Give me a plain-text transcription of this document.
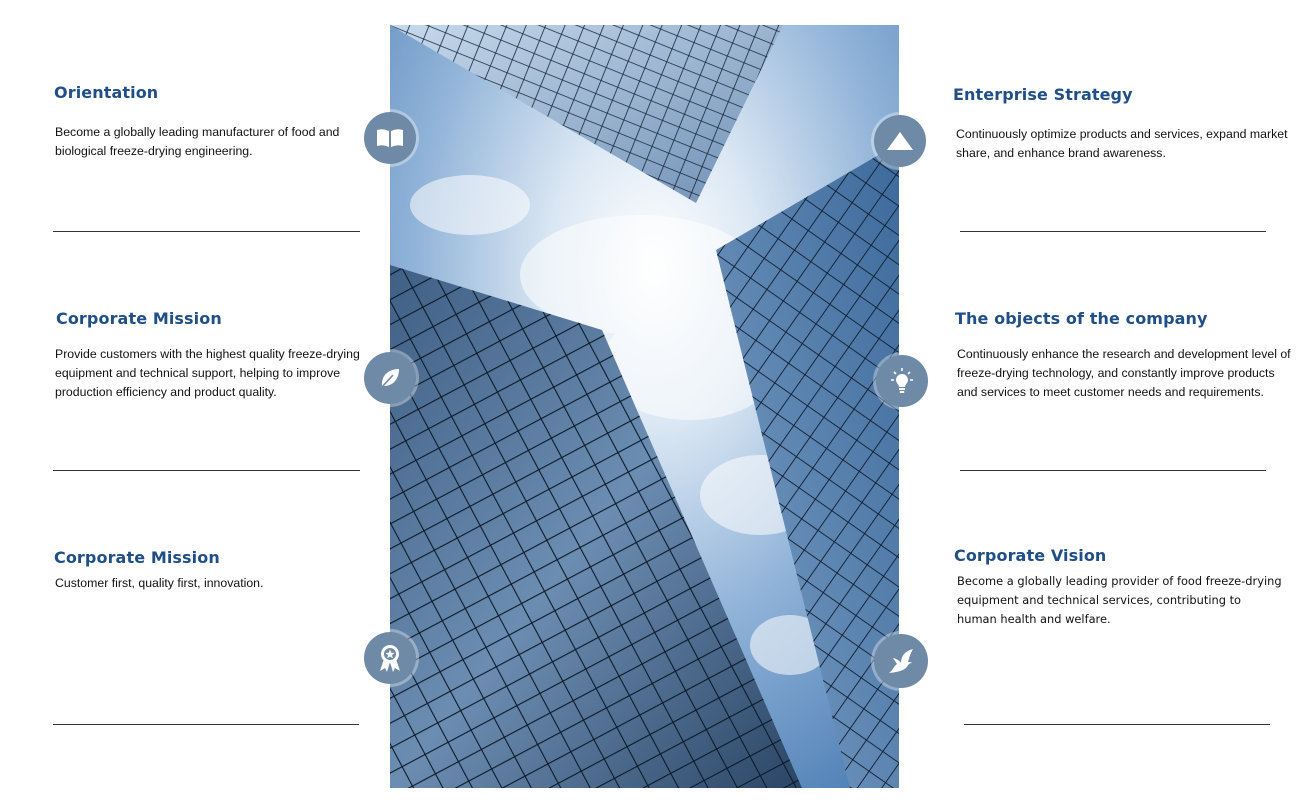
Orientation

Become a globally leading manufacturer of food and biological freeze-drying engineering.

Corporate Mission

Provide customers with the highest quality freeze-drying equipment and technical support, helping to improve production efficiency and product quality.

Corporate Mission

Customer first, quality first, innovation.

Enterprise Strategy

Continuously optimize products and services, expand market share, and enhance brand awareness.

The objects of the company

Continuously enhance the research and development level of freeze-drying technology, and constantly improve products and services to meet customer needs and requirements.

Corporate Vision

Become a globally leading provider of food freeze-drying equipment and technical services, contributing to human health and welfare.
